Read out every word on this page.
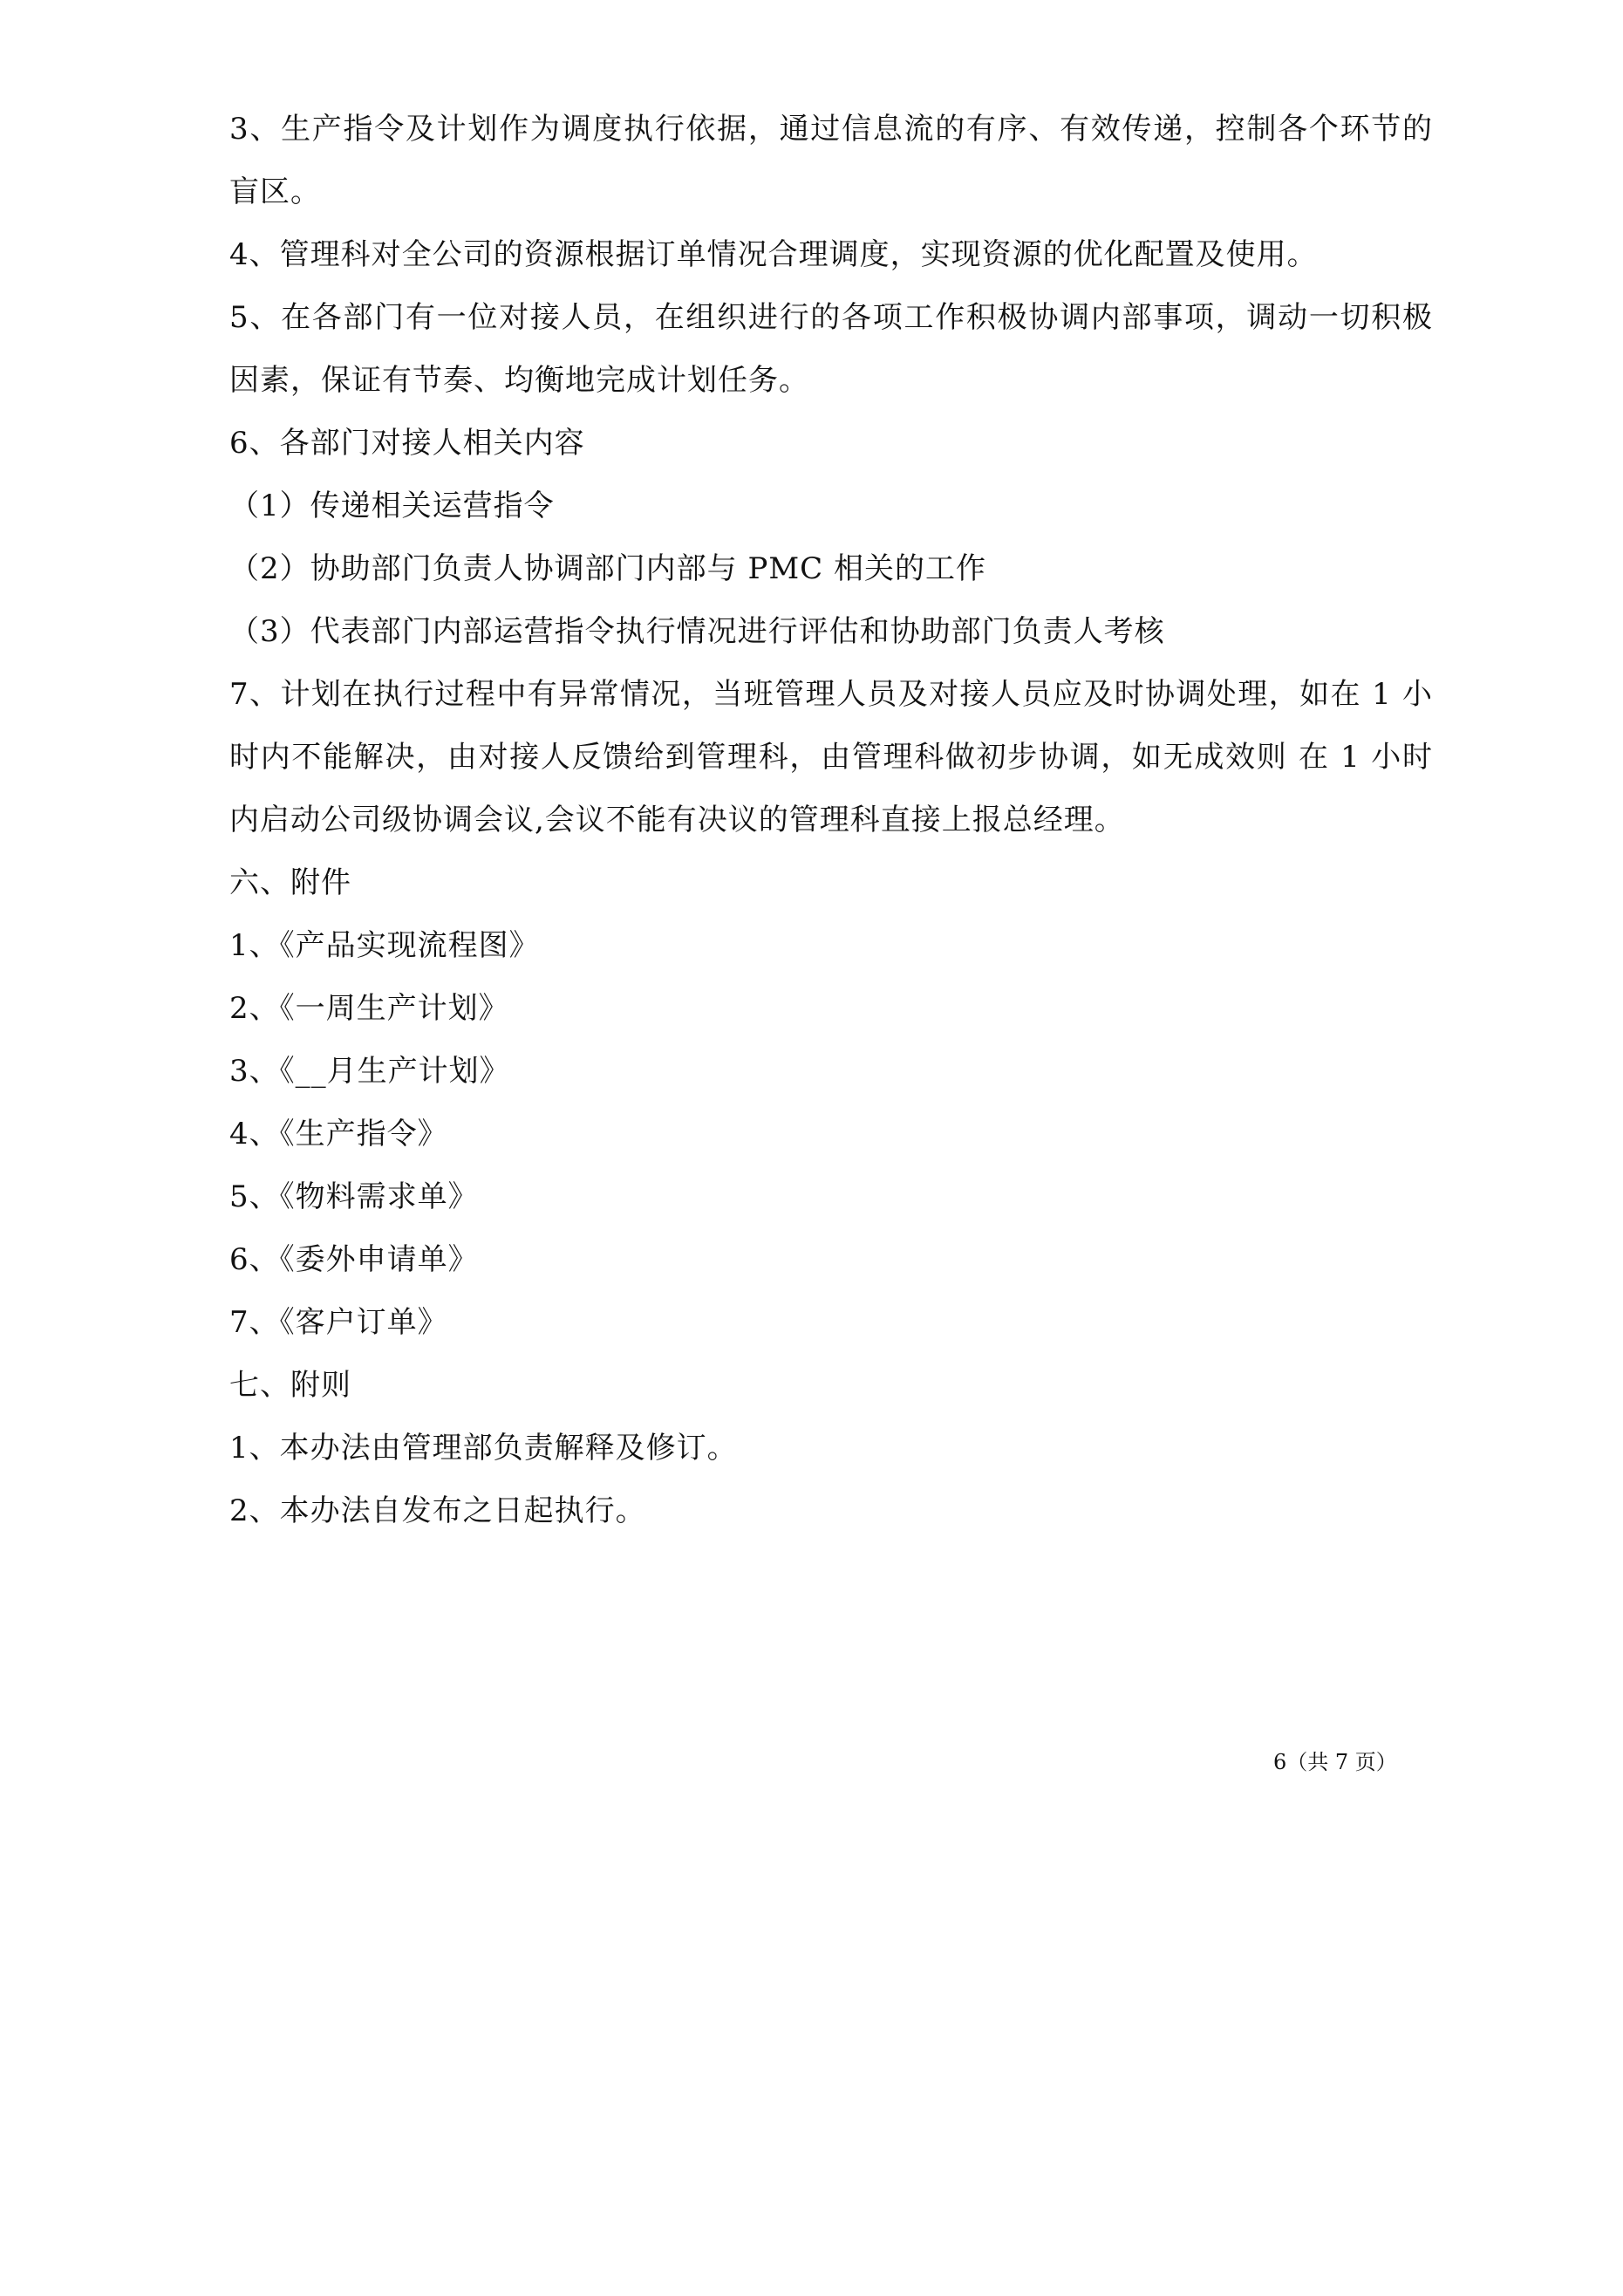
3、生产指令及计划作为调度执行依据，通过信息流的有序、有效传递，控制各个环节的
盲区。
4、管理科对全公司的资源根据订单情况合理调度，实现资源的优化配置及使用。
5、在各部门有一位对接人员，在组织进行的各项工作积极协调内部事项，调动一切积极
因素，保证有节奏、均衡地完成计划任务。
6、各部门对接人相关内容
（1）传递相关运营指令
（2）协助部门负责人协调部门内部与 PMC 相关的工作
（3）代表部门内部运营指令执行情况进行评估和协助部门负责人考核
7、计划在执行过程中有异常情况，当班管理人员及对接人员应及时协调处理，如在 1 小
时内不能解决，由对接人反馈给到管理科，由管理科做初步协调，如无成效则 在 1 小时
内启动公司级协调会议,会议不能有决议的管理科直接上报总经理。
六、附件
1、《产品实现流程图》
2、《一周生产计划》
3、《__月生产计划》
4、《生产指令》
5、《物料需求单》
6、《委外申请单》
7、《客户订单》
七、附则
1、本办法由管理部负责解释及修订。
2、本办法自发布之日起执行。
6（共 7 页）
